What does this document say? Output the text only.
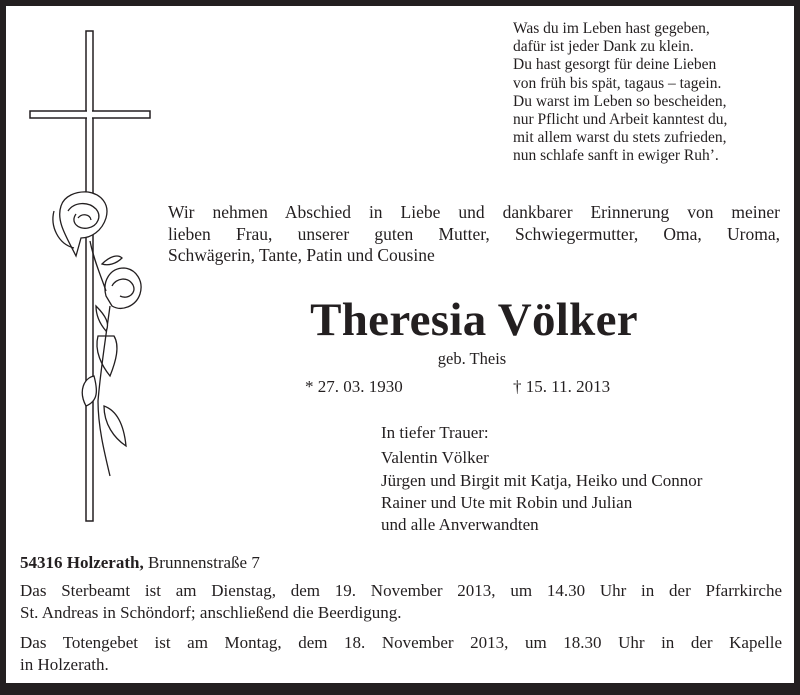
Was du im Leben hast gegeben,
dafür ist jeder Dank zu klein.
Du hast gesorgt für deine Lieben
von früh bis spät, tagaus – tagein.
Du warst im Leben so bescheiden,
nur Pflicht und Arbeit kanntest du,
mit allem warst du stets zufrieden,
nun schlafe sanft in ewiger Ruh’.
Wir nehmen Abschied in Liebe und dankbarer Erinnerung von meiner
lieben Frau, unserer guten Mutter, Schwiegermutter, Oma, Uroma,
Schwägerin, Tante, Patin und Cousine
Theresia Völker
geb. Theis
* 27. 03. 1930	† 15. 11. 2013
In tiefer Trauer:
Valentin Völker
Jürgen und Birgit mit Katja, Heiko und Connor
Rainer und Ute mit Robin und Julian
und alle Anverwandten
54316 Holzerath, Brunnenstraße 7
Das Sterbeamt ist am Dienstag, dem 19. November 2013, um 14.30 Uhr in der Pfarrkirche
St. Andreas in Schöndorf; anschließend die Beerdigung.
Das Totengebet ist am Montag, dem 18. November 2013, um 18.30 Uhr in der Kapelle
in Holzerath.
